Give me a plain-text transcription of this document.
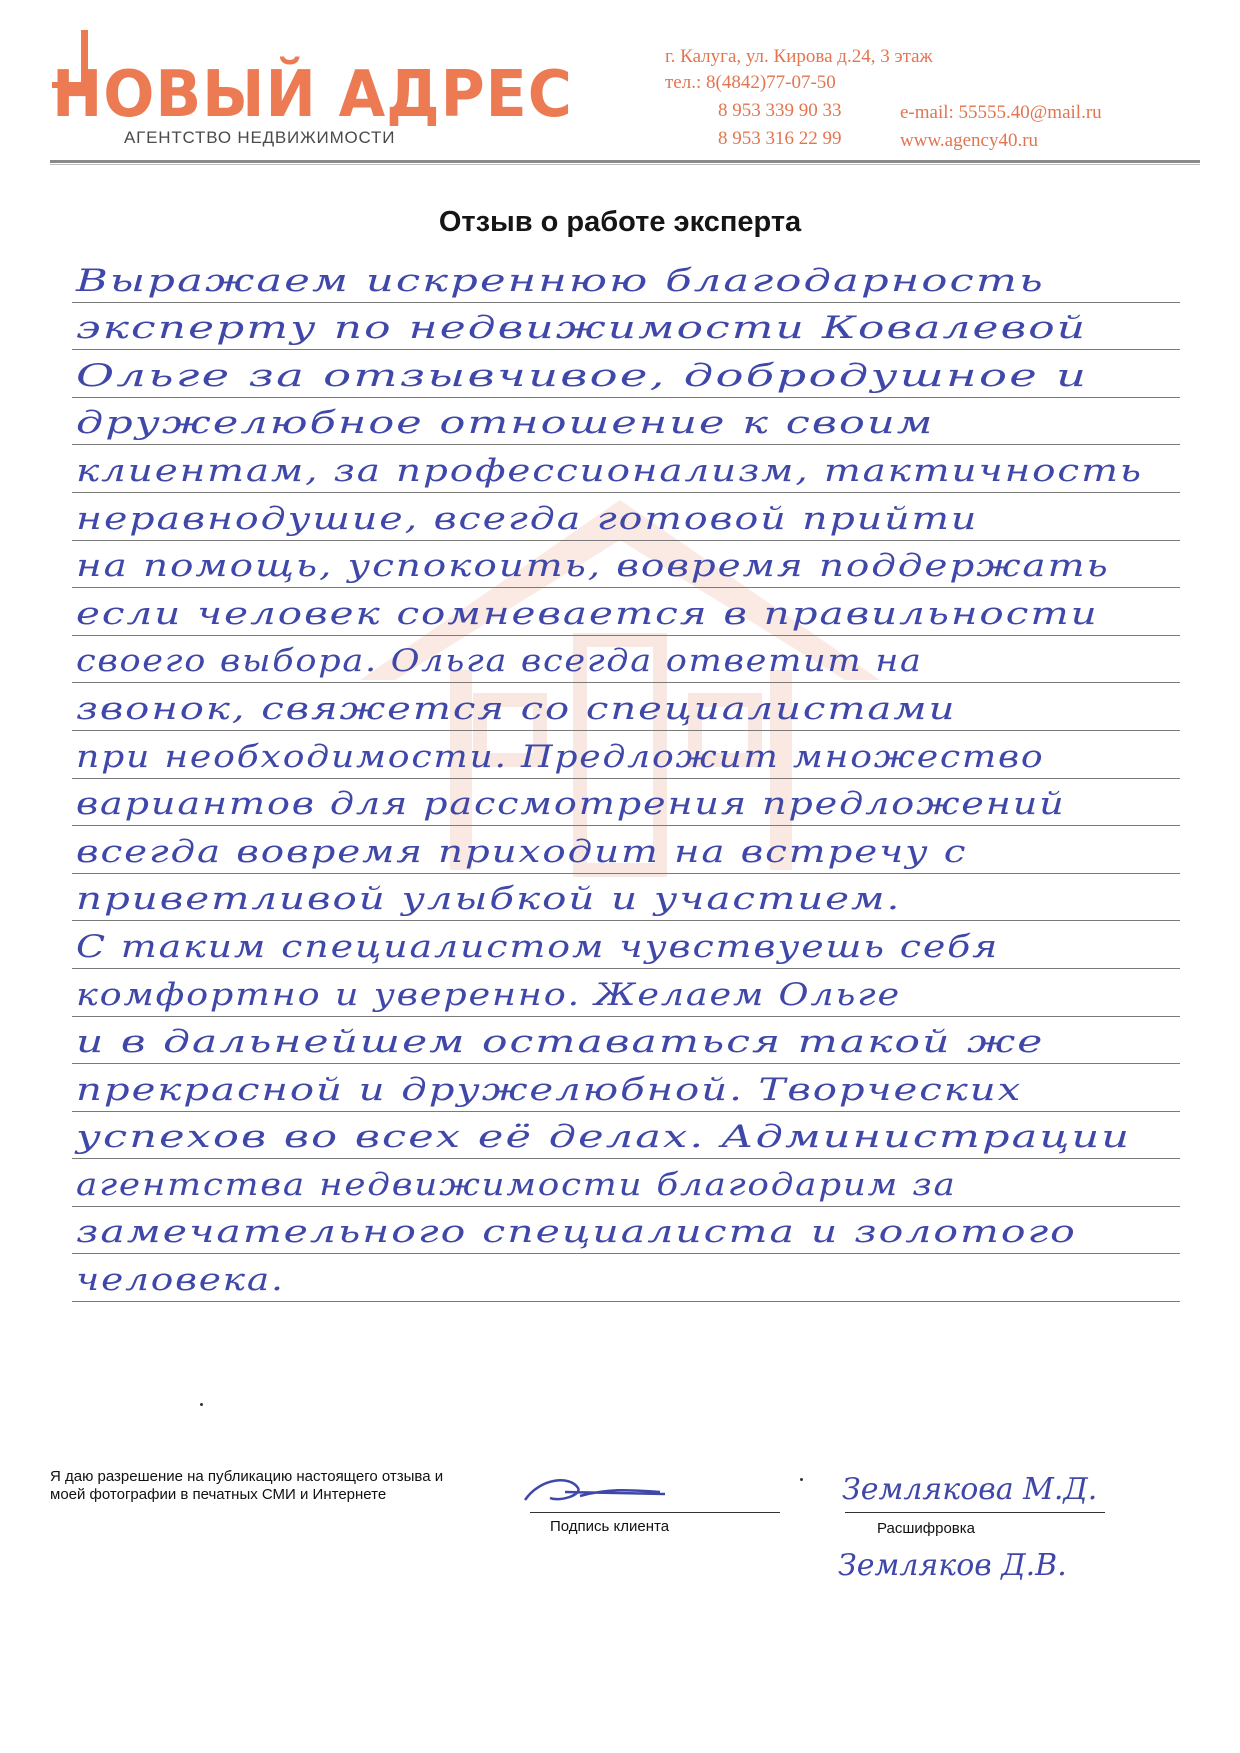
НОВЫЙ АДРЕС
АГЕНТСТВО НЕДВИЖИМОСТИ
г. Калуга, ул. Кирова д.24, 3 этаж
тел.: 8(4842)77-07-50
8 953 339 90 33
8 953 316 22 99
e-mail: 55555.40@mail.ru
www.agency40.ru
Отзыв о работе эксперта
Выражаем искреннюю благодарность
эксперту по недвижимости Ковалевой
Ольге за отзывчивое, добродушное и
дружелюбное отношение к своим
клиентам, за профессионализм, тактичность
неравнодушие, всегда готовой прийти
на помощь, успокоить, вовремя поддержать
если человек сомневается в правильности
своего выбора. Ольга всегда ответит на
звонок, свяжется со специалистами
при необходимости. Предложит множество
вариантов для рассмотрения предложений
всегда вовремя приходит на встречу с
приветливой улыбкой и участием.
С таким специалистом чувствуешь себя
комфортно и уверенно. Желаем Ольге
и в дальнейшем оставаться такой же
прекрасной и дружелюбной. Творческих
успехов во всех её делах. Администрации
агентства недвижимости благодарим за
замечательного специалиста и золотого
человека.
Я даю разрешение на публикацию настоящего отзыва и моей фотографии в печатных СМИ и Интернете
Подпись клиента
Землякова М.Д.
Расшифровка
Земляков Д.В.
